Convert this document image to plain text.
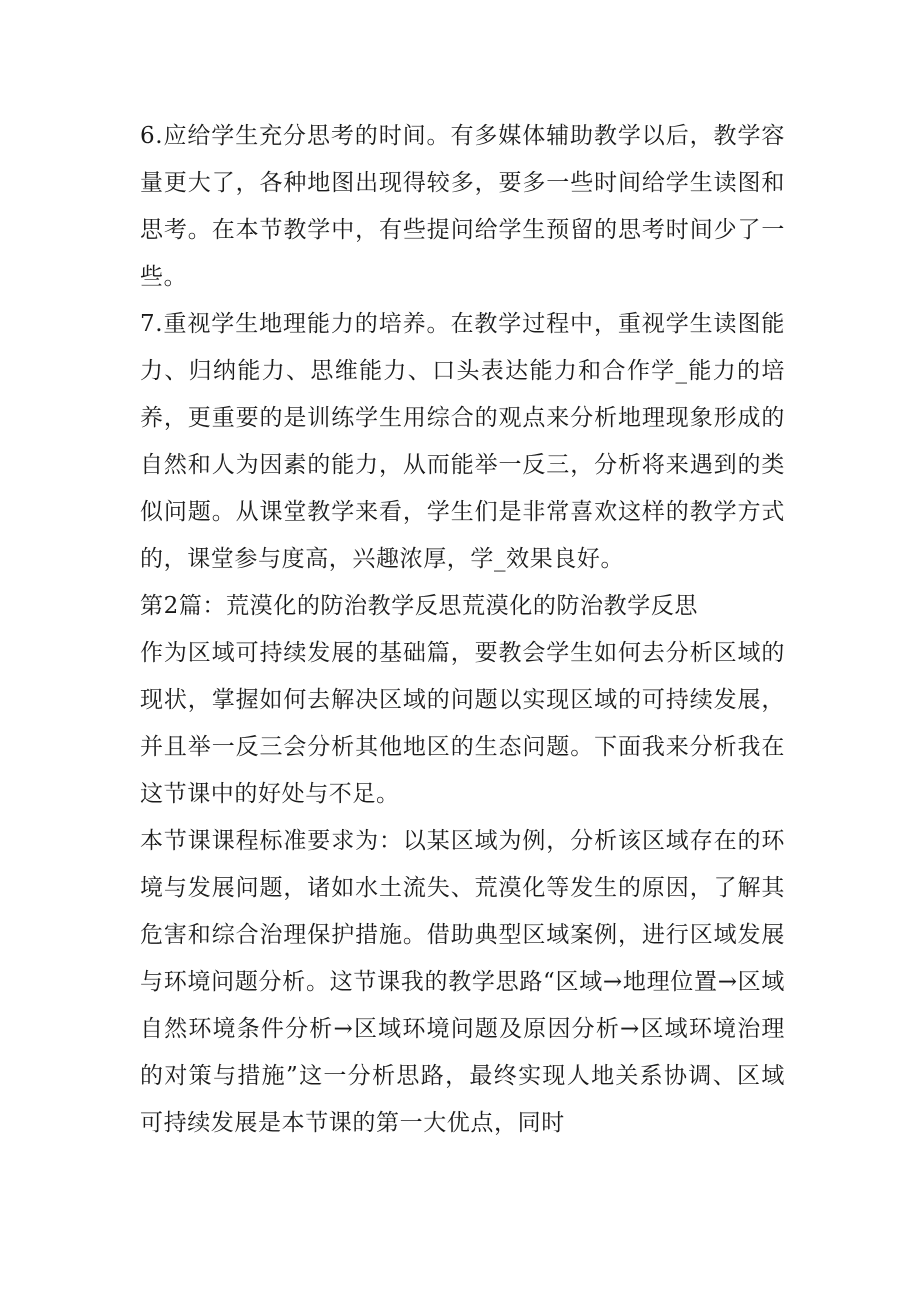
6.应给学生充分思考的时间。有多媒体辅助教学以后，教学容量更大了，各种地图出现得较多，要多一些时间给学生读图和思考。在本节教学中，有些提问给学生预留的思考时间少了一些。

7.重视学生地理能力的培养。在教学过程中，重视学生读图能力、归纳能力、思维能力、口头表达能力和合作学_能力的培养，更重要的是训练学生用综合的观点来分析地理现象形成的自然和人为因素的能力，从而能举一反三，分析将来遇到的类似问题。从课堂教学来看，学生们是非常喜欢这样的教学方式的，课堂参与度高，兴趣浓厚，学_效果良好。

第2篇：荒漠化的防治教学反思荒漠化的防治教学反思

作为区域可持续发展的基础篇，要教会学生如何去分析区域的现状，掌握如何去解决区域的问题以实现区域的可持续发展，并且举一反三会分析其他地区的生态问题。下面我来分析我在这节课中的好处与不足。

本节课课程标准要求为：以某区域为例，分析该区域存在的环境与发展问题，诸如水土流失、荒漠化等发生的原因，了解其危害和综合治理保护措施。借助典型区域案例，进行区域发展与环境问题分析。这节课我的教学思路“区域→地理位置→区域自然环境条件分析→区域环境问题及原因分析→区域环境治理的对策与措施”这一分析思路，最终实现人地关系协调、区域可持续发展是本节课的第一大优点，同时
